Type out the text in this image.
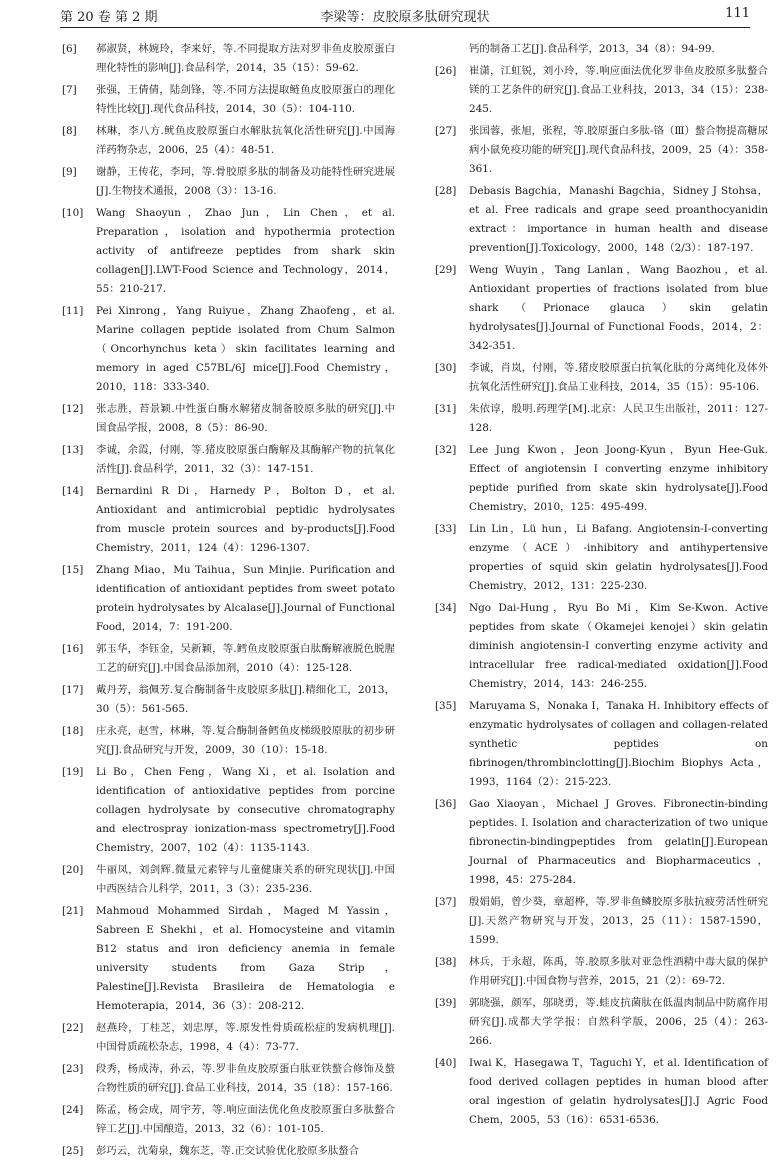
第 20 卷 第 2 期	李梁等：皮胶原多肽研究现状	111
[6] 郝淑贤，林婉玲，李来好，等.不同提取方法对罗非鱼皮胶原蛋白理化特性的影响[J].食品科学，2014，35（15）：59-62.
[7] 张强，王倩倩，陆剑锋，等.不同方法提取鲢鱼皮胶原蛋白的理化特性比较[J].现代食品科技，2014，30（5）：104-110.
[8] 林琳，李八方.鱿鱼皮胶原蛋白水解肽抗氧化活性研究[J].中国海洋药物杂志，2006，25（4）：48-51.
[9] 谢静，王传花，李珂，等.骨胶原多肽的制备及功能特性研究进展[J].生物技术通报，2008（3）：13-16.
[10] Wang Shaoyun，Zhao Jun，Lin Chen，et al. Preparation，isolation and hypothermia protection activity of antifreeze peptides from shark skin collagen[J].LWT-Food Science and Technology，2014，55：210-217.
[11] Pei Xinrong，Yang Ruiyue，Zhang Zhaofeng，et al. Marine collagen peptide isolated from Chum Salmon（Oncorhynchus keta）skin facilitates learning and memory in aged C57BL/6J mice[J].Food Chemistry，2010，118：333-340.
[12] 张志胜，苔景颖.中性蛋白酶水解猪皮制备胶原多肽的研究[J].中国食品学报，2008，8（5）：86-90.
[13] 李诚，余霞，付刚，等.猪皮胶原蛋白酶解及其酶解产物的抗氧化活性[J].食品科学，2011，32（3）：147-151.
[14] Bernardini R Di，Harnedy P，Bolton D，et al. Antioxidant and antimicrobial peptidic hydrolysates from muscle protein sources and by-products[J].Food Chemistry，2011，124（4）：1296-1307.
[15] Zhang Miao，Mu Taihua，Sun Minjie. Purification and identification of antioxidant peptides from sweet potato protein hydrolysates by Alcalase[J].Journal of Functional Food，2014，7：191-200.
[16] 郭玉华，李钰金，吴新颖，等.鳕鱼皮胶原蛋白肽酶解液脱色脱腥工艺的研究[J].中国食品添加剂，2010（4）：125-128.
[17] 戴丹芳，翁佩芳.复合酶制备牛皮胶原多肽[J].精细化工，2013，30（5）：561-565.
[18] 庄永亮，赵雪，林琳，等.复合酶制备鳕鱼皮梯级胶原肽的初步研究[J].食品研究与开发，2009，30（10）：15-18.
[19] Li Bo，Chen Feng，Wang Xi，et al. Isolation and identification of antioxidative peptides from porcine collagen hydrolysate by consecutive chromatography and electrospray ionization-mass spectrometry[J].Food Chemistry，2007，102（4）：1135-1143.
[20] 牛丽凤，刘剑辉.微量元素锌与儿童健康关系的研究现状[J].中国中西医结合儿科学，2011，3（3）：235-236.
[21] Mahmoud Mohammed Sirdah，Maged M Yassin，Sabreen E Shekhi，et al. Homocysteine and vitamin B12 status and iron deficiency anemia in female university students from Gaza Strip，Palestine[J].Revista Brasileira de Hematologia e Hemoterapia，2014，36（3）：208-212.
[22] 赵燕玲，丁桂芝，刘忠厚，等.原发性骨质疏松症的发病机理[J].中国骨质疏松杂志，1998，4（4）：73-77.
[23] 段秀，杨成涛，孙云，等.罗非鱼皮胶原蛋白肽亚铁螯合修饰及螯合物性质的研究[J].食品工业科技，2014，35（18）：157-166.
[24] 陈孟，杨会成，周宇芳，等.响应面法优化鱼皮胶原蛋白多肽螯合锌工艺[J].中国酿造，2013，32（6）：101-105.
[25] 彭巧云，沈菊泉，魏东芝，等.正交试验优化胶原多肽螯合
钙的制备工艺[J].食品科学，2013，34（8）：94-99.
[26] 崔潇，江虹锐，刘小玲，等.响应面法优化罗非鱼皮胶原多肽螯合镁的工艺条件的研究[J].食品工业科技，2013，34（15）：238-245.
[27] 张国蓉，张旭，张程，等.胶原蛋白多肽-铬（Ⅲ）螯合物提高糖尿病小鼠免疫功能的研究[J].现代食品科技，2009，25（4）：358-361.
[28] Debasis Bagchia，Manashi Bagchia，Sidney J Stohsa，et al. Free radicals and grape seed proanthocyanidin extract：importance in human health and disease prevention[J].Toxicology，2000，148（2/3）：187-197.
[29] Weng Wuyin，Tang Lanlan，Wang Baozhou，et al. Antioxidant properties of fractions isolated from blue shark（Prionace glauca）skin gelatin hydrolysates[J].Journal of Functional Foods，2014，2：342-351.
[30] 李诚，肖岚，付刚，等.猪皮胶原蛋白抗氧化肽的分离纯化及体外抗氧化活性研究[J].食品工业科技，2014，35（15）：95-106.
[31] 朱依谆，殷明.药理学[M].北京：人民卫生出版社，2011：127-128.
[32] Lee Jung Kwon，Jeon Joong-Kyun，Byun Hee-Guk. Effect of angiotensin I converting enzyme inhibitory peptide purified from skate skin hydrolysate[J].Food Chemistry，2010，125：495-499.
[33] Lin Lin，Lü hun，Li Bafang. Angiotensin-I-converting enzyme（ACE）-inhibitory and antihypertensive properties of squid skin gelatin hydrolysates[J].Food Chemistry，2012，131：225-230.
[34] Ngo Dai-Hung，Ryu Bo Mi，Kim Se-Kwon. Active peptides from skate（Okamejei kenojei）skin gelatin diminish angiotensin-I converting enzyme activity and intracellular free radical-mediated oxidation[J].Food Chemistry，2014，143：246-255.
[35] Maruyama S，Nonaka I，Tanaka H. Inhibitory effects of enzymatic hydrolysates of collagen and collagen-related synthetic peptides on fibrinogen/thrombinclotting[J].Biochim Biophys Acta，1993，1164（2）：215-223.
[36] Gao Xiaoyan，Michael J Groves. Fibronectin-binding peptides. I. Isolation and characterization of two unique fibronectin-bindingpeptides from gelatin[J].European Journal of Pharmaceutics and Biopharmaceutics，1998，45：275-284.
[37] 殷娟娟，曾少葵，章超桦，等.罗非鱼鳞胶原多肽抗疲劳活性研究[J].天然产物研究与开发，2013，25（11）：1587-1590，1599.
[38] 林兵，于永超，陈禹，等.胶原多肽对亚急性酒精中毒大鼠的保护作用研究[J].中国食物与营养，2015，21（2）：69-72.
[39] 郭晓强，颜军，邬晓勇，等.蛙皮抗菌肽在低温肉制品中防腐作用研究[J].成都大学学报：自然科学版，2006，25（4）：263-266.
[40] Iwai K，Hasegawa T，Taguchi Y，et al. Identification of food derived collagen peptides in human blood after oral ingestion of gelatin hydrolysates[J].J Agric Food Chem，2005，53（16）：6531-6536.
